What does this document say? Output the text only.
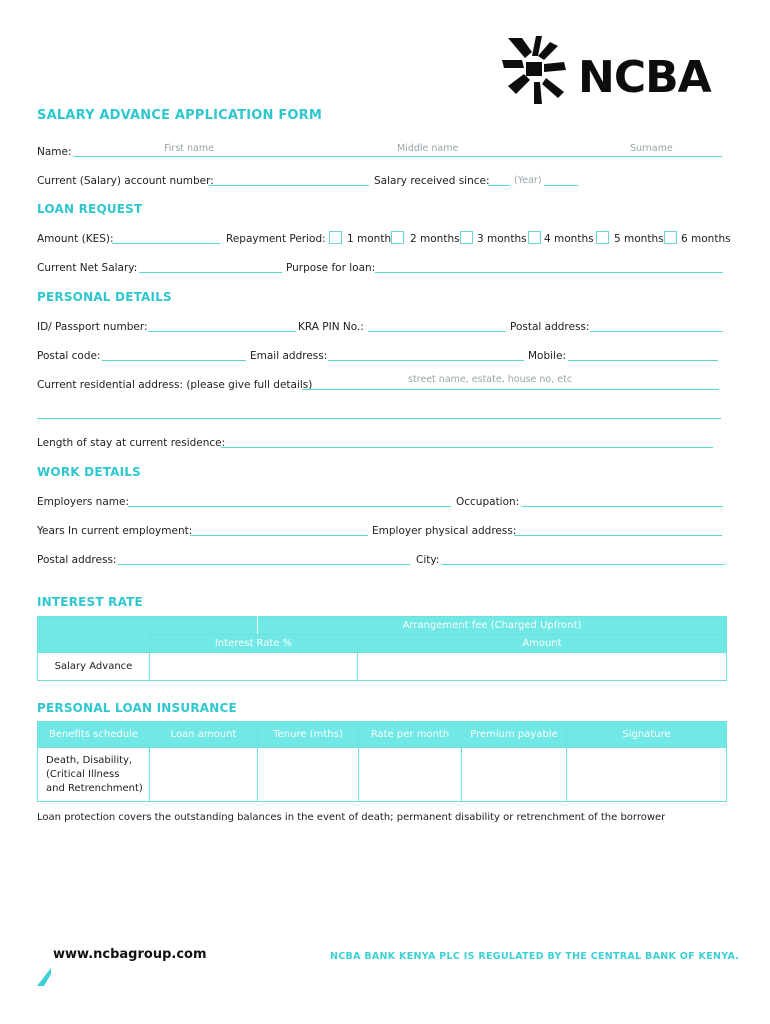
NCBA
SALARY ADVANCE APPLICATION FORM
Name:	First name	Middle name	Surname
Current (Salary) account number:	Salary received since:	(Year)
LOAN REQUEST
Amount (KES):	Repayment Period: 1 month 2 months 3 months 4 months 5 months 6 months
Current Net Salary:	Purpose for loan:
PERSONAL DETAILS
ID/ Passport number:	KRA PIN No.:	Postal address:
Postal code:	Email address:	Mobile:
Current residential address: (please give full details)	street name, estate, house no, etc
Length of stay at current residence:
WORK DETAILS
Employers name:	Occupation:
Years In current employment:	Employer physical address:
Postal address:	City:
INTEREST RATE
		Arrangement fee (Charged Upfront)	
	Interest Rate %		Amount
Salary Advance			
PERSONAL LOAN INSURANCE
Benefits schedule	Loan amount	Tenure (mths)	Rate per month	Premium payable	Signature

Death, Disability,
(Critical Illness
and Retrenchment)					

Loan protection covers the outstanding balances in the event of death; permanent disability or retrenchment of the borrower
www.ncbagroup.com	NCBA BANK KENYA PLC IS REGULATED BY THE CENTRAL BANK OF KENYA.
